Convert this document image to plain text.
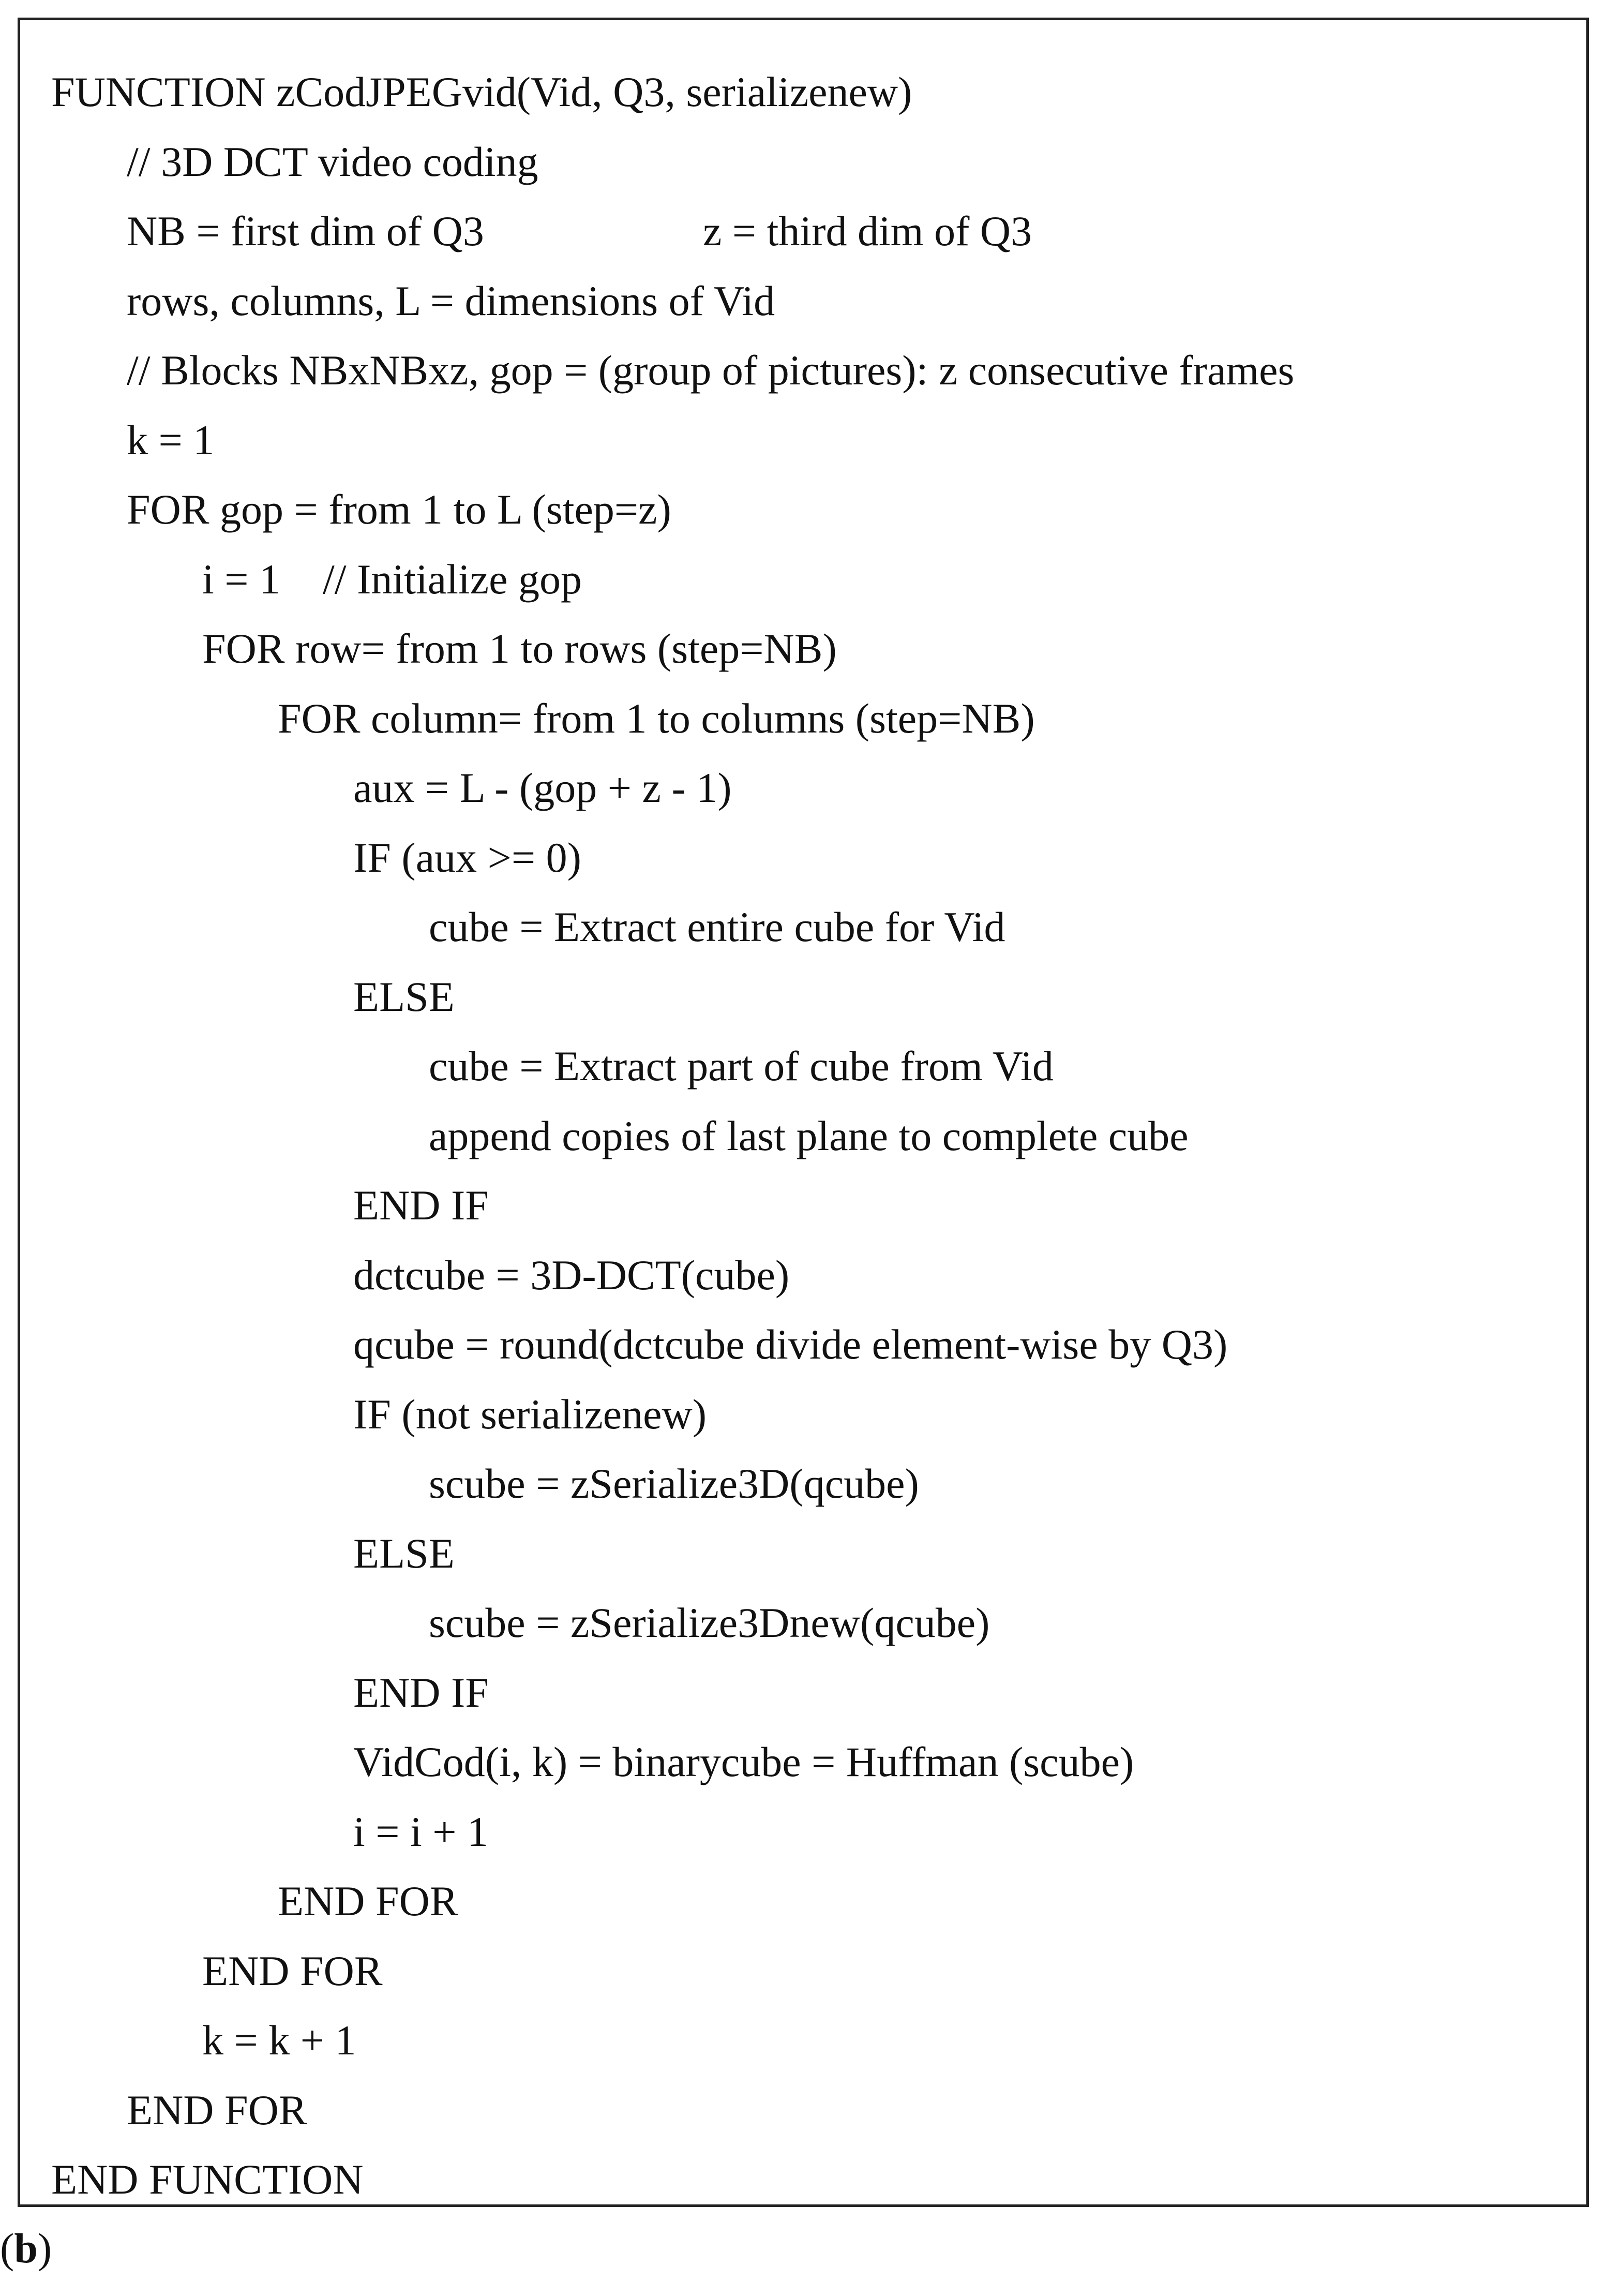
FUNCTION zCodJPEGvid(Vid, Q3, serializenew)
// 3D DCT video coding
NB = first dim of Q3	z = third dim of Q3
rows, columns, L = dimensions of Vid
// Blocks NBxNBxz, gop = (group of pictures): z consecutive frames
k = 1
FOR gop = from 1 to L (step=z)
i = 1    // Initialize gop
FOR row= from 1 to rows (step=NB)
FOR column= from 1 to columns (step=NB)
aux = L - (gop + z - 1)
IF (aux >= 0)
cube = Extract entire cube for Vid
ELSE
cube = Extract part of cube from Vid
append copies of last plane to complete cube
END IF
dctcube = 3D-DCT(cube)
qcube = round(dctcube divide element-wise by Q3)
IF (not serializenew)
scube = zSerialize3D(qcube)
ELSE
scube = zSerialize3Dnew(qcube)
END IF
VidCod(i, k) = binarycube = Huffman (scube)
i = i + 1
END FOR
END FOR
k = k + 1
END FOR
END FUNCTION
(b)
